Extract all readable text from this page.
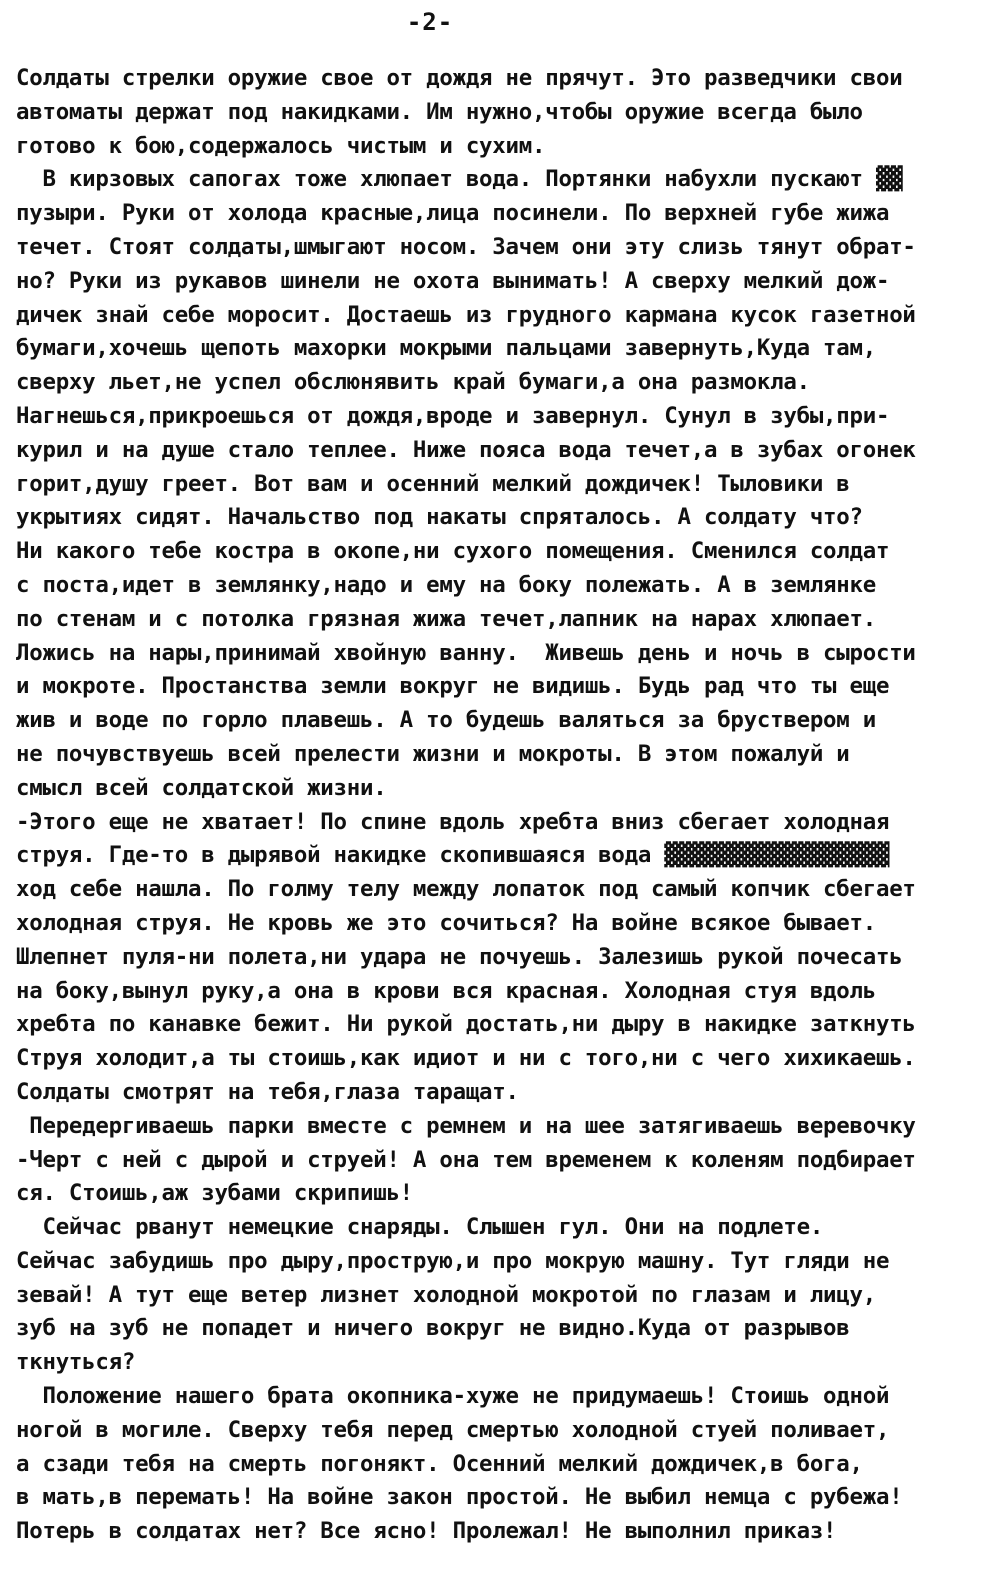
-2-
Солдаты стрелки оружие свое от дождя не прячут. Это разведчики свои
автоматы держат под накидками. Им нужно,чтобы оружие всегда было
готово к бою,содержалось чистым и сухим.
В кирзовых сапогах тоже хлюпает вода. Портянки набухли пускают ▓▓
пузыри. Руки от холода красные,лица посинели. По верхней губе жижа
течет. Стоят солдаты,шмыгают носом. Зачем они эту слизь тянут обрат-
но? Руки из рукавов шинели не охота вынимать! А сверху мелкий дож-
дичек знай себе моросит. Достаешь из грудного кармана кусок газетной
бумаги,хочешь щепоть махорки мокрыми пальцами завернуть,Куда там,
сверху льет,не успел обслюнявить край бумаги,а она размокла.
Нагнешься,прикроешься от дождя,вроде и завернул. Сунул в зубы,при-
курил и на душе стало теплее. Ниже пояса вода течет,а в зубах огонек
горит,душу греет. Вот вам и осенний мелкий дождичек! Тыловики в
укрытиях сидят. Начальство под накаты спряталось. А солдату что?
Ни какого тебе костра в окопе,ни сухого помещения. Сменился солдат
с поста,идет в землянку,надо и ему на боку полежать. А в землянке
по стенам и с потолка грязная жижа течет,лапник на нарах хлюпает.
Ложись на нары,принимай хвойную ванну.  Живешь день и ночь в сырости
и мокроте. Простанства земли вокруг не видишь. Будь рад что ты еще
жив и воде по горло плавешь. А то будешь валяться за бруствером и
не почувствуешь всей прелести жизни и мокроты. В этом пожалуй и
смысл всей солдатской жизни.
-Этого еще не хватает! По спине вдоль хребта вниз сбегает холодная
струя. Где-то в дырявой накидке скопившаяся вода ▓▓▓▓▓▓▓▓▓▓▓▓▓▓▓▓▓
ход себе нашла. По голму телу между лопаток под самый копчик сбегает
холодная струя. Не кровь же это сочиться? На войне всякое бывает.
Шлепнет пуля-ни полета,ни удара не почуешь. Залезишь рукой почесать
на боку,вынул руку,а она в крови вся красная. Холодная стуя вдоль
хребта по канавке бежит. Ни рукой достать,ни дыру в накидке заткнуть
Струя холодит,а ты стоишь,как идиот и ни с того,ни с чего хихикаешь.
Солдаты смотрят на тебя,глаза таращат.
Передергиваешь парки вместе с ремнем и на шее затягиваешь веревочку
-Черт с ней с дырой и струей! А она тем временем к коленям подбирает
ся. Стоишь,аж зубами скрипишь!
Сейчас рванут немецкие снаряды. Слышен гул. Они на подлете.
Сейчас забудишь про дыру,прострую,и про мокрую машну. Тут гляди не
зевай! А тут еще ветер лизнет холодной мокротой по глазам и лицу,
зуб на зуб не попадет и ничего вокруг не видно.Куда от разрывов
ткнуться?
Положение нашего брата окопника-хуже не придумаешь! Стоишь одной
ногой в могиле. Сверху тебя перед смертью холодной стуей поливает,
а сзади тебя на смерть погонякт. Осенний мелкий дождичек,в бога,
в мать,в перемать! На войне закон простой. Не выбил немца с рубежа!
Потерь в солдатах нет? Все ясно! Пролежал! Не выполнил приказ!
